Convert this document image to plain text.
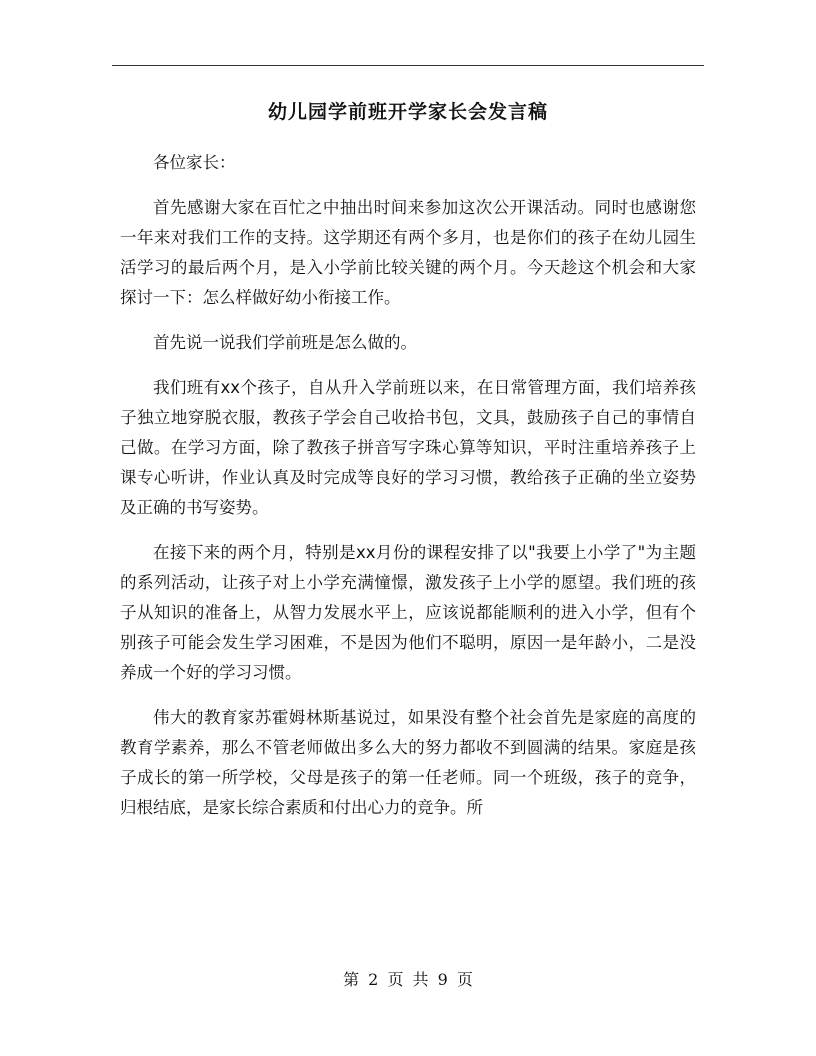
幼儿园学前班开学家长会发言稿

各位家长：

首先感谢大家在百忙之中抽出时间来参加这次公开课活动。同时也感谢您一年来对我们工作的支持。这学期还有两个多月，也是你们的孩子在幼儿园生活学习的最后两个月，是入小学前比较关键的两个月。今天趁这个机会和大家探讨一下：怎么样做好幼小衔接工作。

首先说一说我们学前班是怎么做的。

我们班有xx个孩子，自从升入学前班以来，在日常管理方面，我们培养孩子独立地穿脱衣服，教孩子学会自己收拾书包，文具，鼓励孩子自己的事情自己做。在学习方面，除了教孩子拼音写字珠心算等知识，平时注重培养孩子上课专心听讲，作业认真及时完成等良好的学习习惯，教给孩子正确的坐立姿势及正确的书写姿势。

在接下来的两个月，特别是xx月份的课程安排了以"我要上小学了"为主题的系列活动，让孩子对上小学充满憧憬，激发孩子上小学的愿望。我们班的孩子从知识的准备上，从智力发展水平上，应该说都能顺利的进入小学，但有个别孩子可能会发生学习困难，不是因为他们不聪明，原因一是年龄小，二是没养成一个好的学习习惯。

伟大的教育家苏霍姆林斯基说过，如果没有整个社会首先是家庭的高度的教育学素养，那么不管老师做出多么大的努力都收不到圆满的结果。家庭是孩子成长的第一所学校，父母是孩子的第一任老师。同一个班级，孩子的竞争，归根结底，是家长综合素质和付出心力的竞争。所

第 2 页 共 9 页
